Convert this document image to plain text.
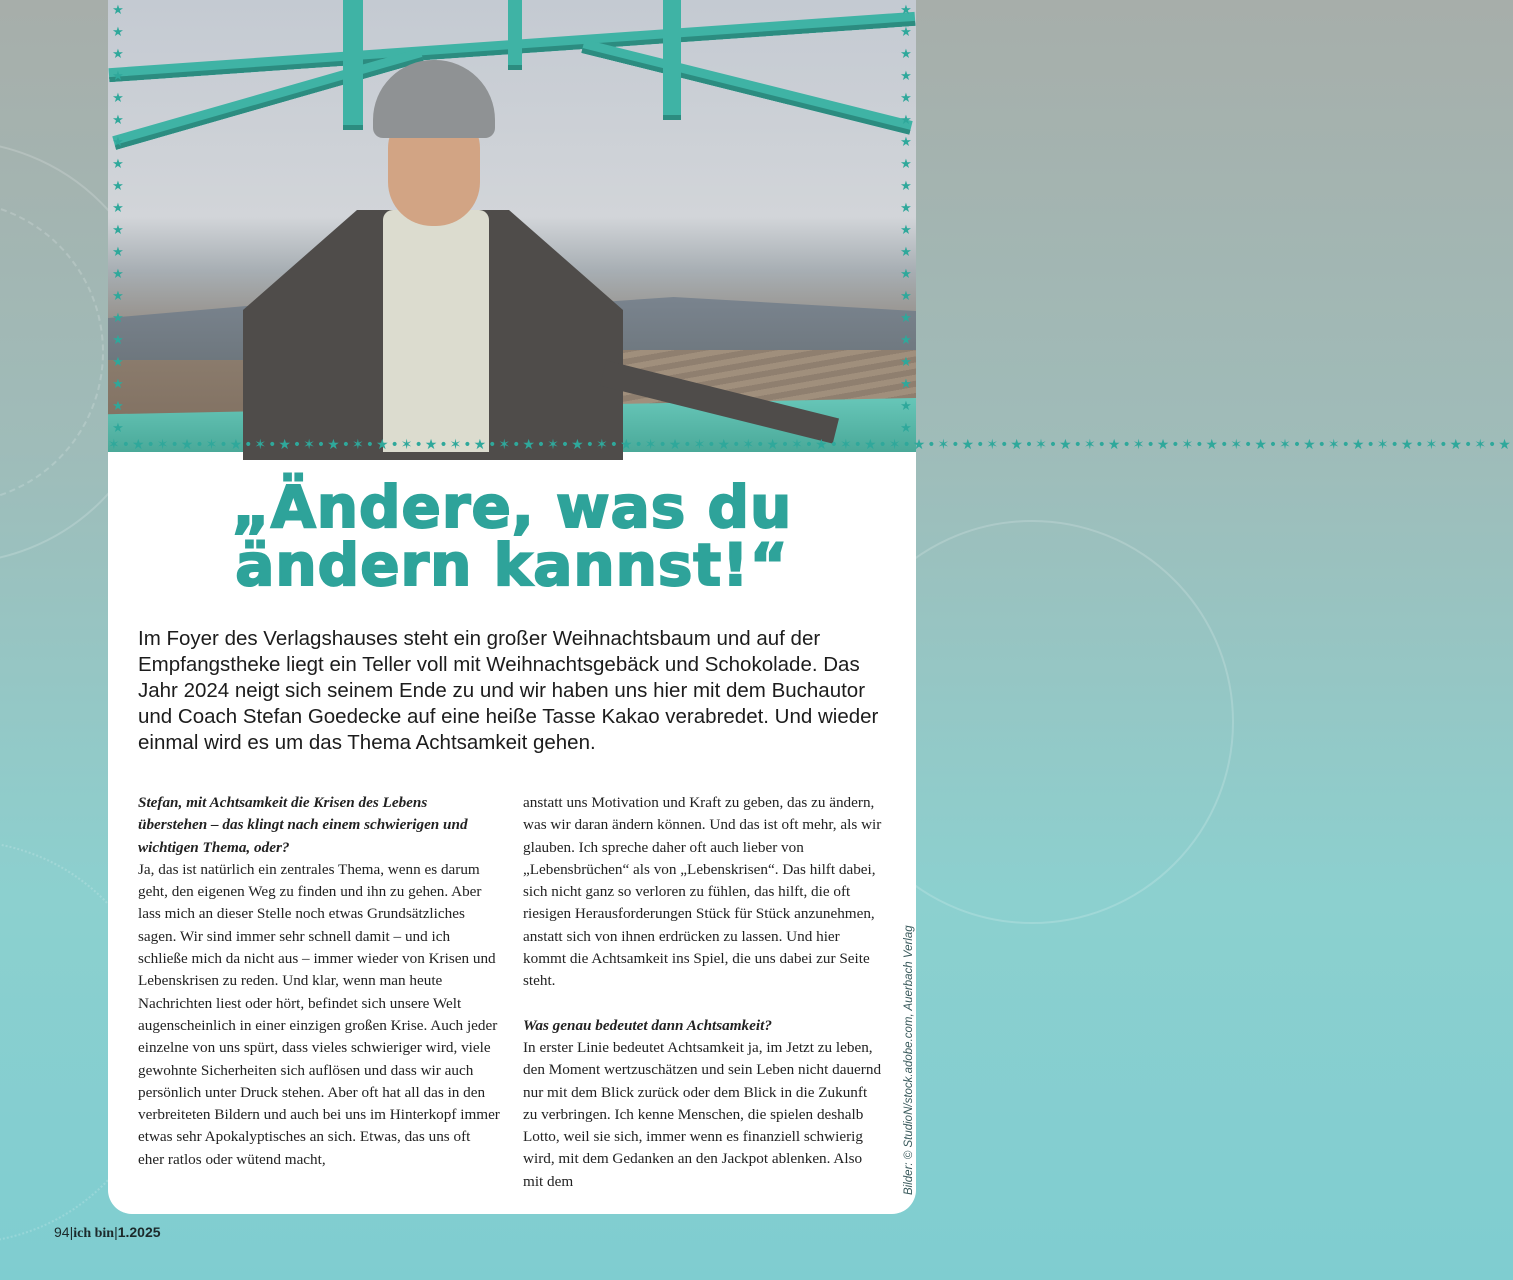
★ ★ ★ ★ ★ ★ ★ ★ ★ ★ ★ ★ ★ ★ ★ ★ ★ ★ ★ ★
★ ★ ★ ★ ★ ★ ★ ★ ★ ★ ★ ★ ★ ★ ★ ★ ★ ★ ★ ★
✶•★•✶•★•✶•★•✶•★•✶•★•✶•★•✶•★•✶•★•✶•★•✶•★•✶•★•✶•★•✶•★•✶•★•✶•★•✶•★•✶•★•✶•★•✶•★•✶•★•✶•★•✶•★•✶•★•✶•★•✶•★•✶•★•✶•★•✶•★•✶•★
„Ändere, was du
ändern kannst!“

Im Foyer des Verlagshauses steht ein großer Weihnachtsbaum und auf der Empfangstheke liegt ein Teller voll mit Weihnachtsgebäck und Schokolade. Das Jahr 2024 neigt sich seinem Ende zu und wir haben uns hier mit dem Buchautor und Coach Stefan Goedecke auf eine heiße Tasse Kakao verabredet. Und wieder einmal wird es um das Thema Achtsamkeit gehen.

Stefan, mit Achtsamkeit die Krisen des Lebens überstehen – das klingt nach einem schwierigen und wichtigen Thema, oder?

Ja, das ist natürlich ein zentrales Thema, wenn es darum geht, den eigenen Weg zu finden und ihn zu gehen. Aber lass mich an dieser Stelle noch etwas Grundsätzliches sagen. Wir sind immer sehr schnell damit – und ich schließe mich da nicht aus – immer wieder von Krisen und Lebenskrisen zu reden. Und klar, wenn man heute Nachrichten liest oder hört, befindet sich unsere Welt augenscheinlich in einer einzigen großen Krise. Auch jeder einzelne von uns spürt, dass vieles schwieriger wird, viele gewohnte Sicherheiten sich auflösen und dass wir auch persönlich unter Druck stehen. Aber oft hat all das in den verbreiteten Bildern und auch bei uns im Hinterkopf immer etwas sehr Apokalyptisches an sich. Etwas, das uns oft eher ratlos oder wütend macht,

anstatt uns Motivation und Kraft zu geben, das zu ändern, was wir daran ändern können. Und das ist oft mehr, als wir glauben. Ich spreche daher oft auch lieber von „Lebensbrüchen“ als von „Lebenskrisen“. Das hilft dabei, sich nicht ganz so verloren zu fühlen, das hilft, die oft riesigen Herausforderungen Stück für Stück anzunehmen, anstatt sich von ihnen erdrücken zu lassen. Und hier kommt die Achtsamkeit ins Spiel, die uns dabei zur Seite steht.

Was genau bedeutet dann Achtsamkeit?

In erster Linie bedeutet Achtsamkeit ja, im Jetzt zu leben, den Moment wertzuschätzen und sein Leben nicht dauernd nur mit dem Blick zurück oder dem Blick in die Zukunft zu verbringen. Ich kenne Menschen, die spielen deshalb Lotto, weil sie sich, immer wenn es finanziell schwierig wird, mit dem Gedanken an den Jackpot ablenken. Also mit dem	Bilder: © StudioN/stock.adobe.com, Auerbach Verlag
94|ich bin|1.2025
